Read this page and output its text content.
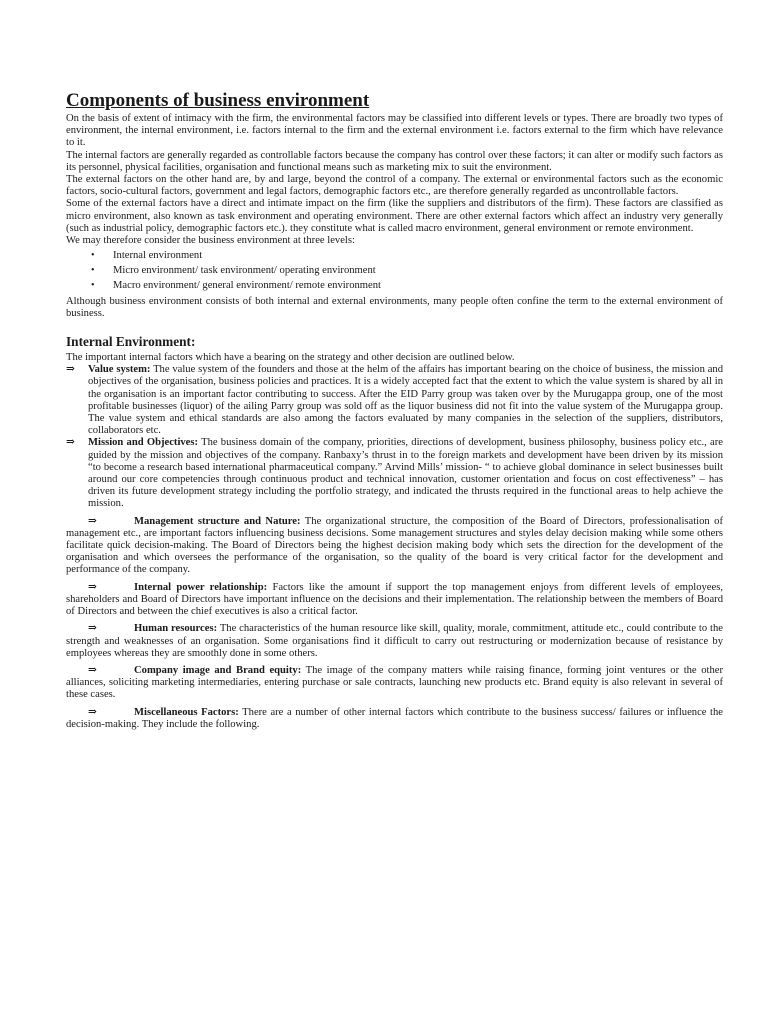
Components of business environment

On the basis of extent of intimacy with the firm, the environmental factors may be classified into different levels or types. There are broadly two types of environment, the internal environment, i.e. factors internal to the firm and the external environment i.e. factors external to the firm which have relevance to it.

The internal factors are generally regarded as controllable factors because the company has control over these factors; it can alter or modify such factors as its personnel, physical facilities, organisation and functional means such as marketing mix to suit the environment.

The external factors on the other hand are, by and large, beyond the control of a company. The external or environmental factors such as the economic factors, socio-cultural factors, government and legal factors, demographic factors etc., are therefore generally regarded as uncontrollable factors.

Some of the external factors have a direct and intimate impact on the firm (like the suppliers and distributors of the firm). These factors are classified as micro environment, also known as task environment and operating environment. There are other external factors which affect an industry very generally (such as industrial policy, demographic factors etc.). they constitute what is called macro environment, general environment or remote environment.

We may therefore consider the business environment at three levels:

• Internal environment
• Micro environment/ task environment/ operating environment
• Macro environment/ general environment/ remote environment

Although business environment consists of both internal and external environments, many people often confine the term to the external environment of business.

Internal Environment:

The important internal factors which have a bearing on the strategy and other decision are outlined below.

⇒ Value system: The value system of the founders and those at the helm of the affairs has important bearing on the choice of business, the mission and objectives of the organisation, business policies and practices. It is a widely accepted fact that the extent to which the value system is shared by all in the organisation is an important factor contributing to success. After the EID Parry group was taken over by the Murugappa group, one of the most profitable businesses (liquor) of the ailing Parry group was sold off as the liquor business did not fit into the value system of the Murugappa group. The value system and ethical standards are also among the factors evaluated by many companies in the selection of the suppliers, distributors, collaborators etc.

⇒ Mission and Objectives: The business domain of the company, priorities, directions of development, business philosophy, business policy etc., are guided by the mission and objectives of the company. Ranbaxy’s thrust in to the foreign markets and development have been driven by its mission “to become a research based international pharmaceutical company.” Arvind Mills’ mission- “ to achieve global dominance in select businesses built around our core competencies through continuous product and technical innovation, customer orientation and focus on cost effectiveness” – has driven its future development strategy including the portfolio strategy, and indicated the thrusts required in the functional areas to help achieve the mission.

⇒	Management structure and Nature: The organizational structure, the composition of the Board of Directors, professionalisation of management etc., are important factors influencing business decisions. Some management structures and styles delay decision making while some others facilitate quick decision-making. The Board of Directors being the highest decision making body which sets the direction for the development of the organisation and which oversees the performance of the organisation, so the quality of the board is very critical factor for the development and performance of the company.

⇒	Internal power relationship: Factors like the amount if support the top management enjoys from different levels of employees, shareholders and Board of Directors have important influence on the decisions and their implementation. The relationship between the members of Board of Directors and between the chief executives is also a critical factor.

⇒	Human resources: The characteristics of the human resource like skill, quality, morale, commitment, attitude etc., could contribute to the strength and weaknesses of an organisation. Some organisations find it difficult to carry out restructuring or modernization because of resistance by employees whereas they are smoothly done in some others.

⇒	Company image and Brand equity: The image of the company matters while raising finance, forming joint ventures or the other alliances, soliciting marketing intermediaries, entering purchase or sale contracts, launching new products etc. Brand equity is also relevant in several of these cases.

⇒	Miscellaneous Factors: There are a number of other internal factors which contribute to the business success/ failures or influence the decision-making. They include the following.
